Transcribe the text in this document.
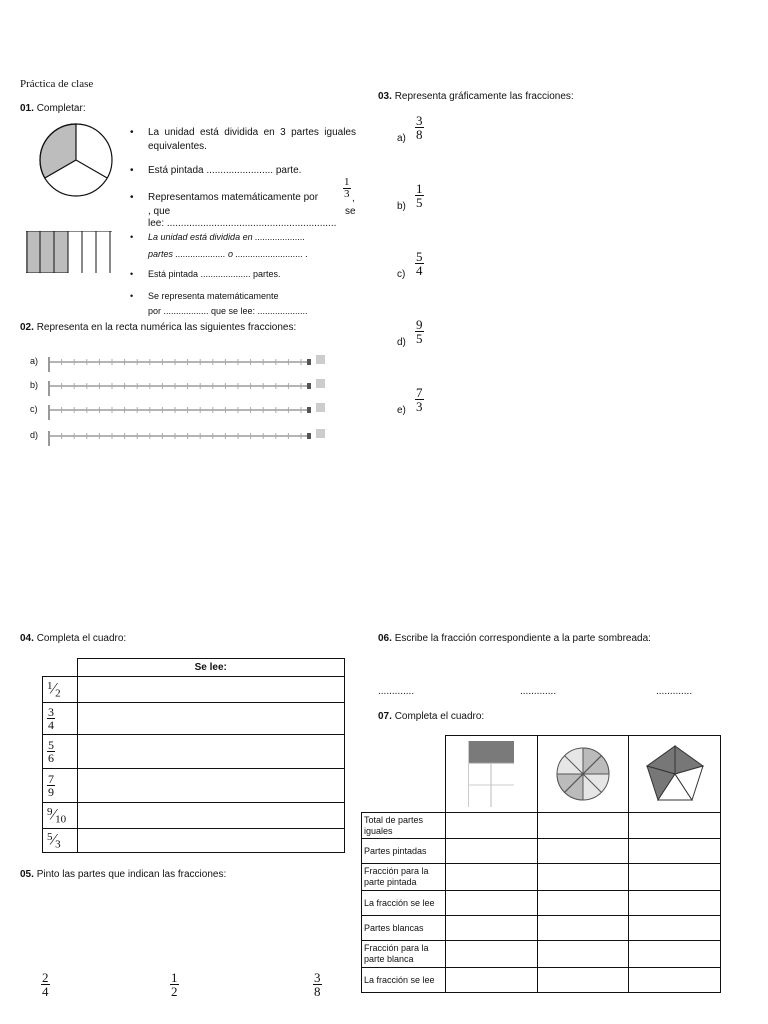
Práctica de clase
01. Completar:
• La unidad está dividida en 3 partes iguales equivalentes.
• Está pintada ........................ parte.
• Representamos matemáticamente por	$\frac{1}{3}$ ,
, que	se
lee: .............................................................
• La unidad está dividida en ....................
partes .................... o ........................... .
• Está pintada .................... partes.
• Se representa matemáticamente
por .................. que se lee: ....................
02. Representa en la recta numérica las siguientes fracciones:
03. Representa gráficamente las fracciones:
04. Completa el cuadro:
	Se lee:

$^1⁄_2$

$\frac{3}{4}$

$\frac{5}{6}$

$\frac{7}{9}$

$^9⁄_{10}$

$^5⁄_3$

05. Pinto las partes que indican las fracciones:
06. Escribe la fracción correspondiente a la parte sombreada:
.............	.............	.............
07. Completa el cuadro:

Total de partes iguales			
Partes pintadas			
Fracción para la parte pintada			
La fracción se lee			
Partes blancas			
Fracción para la parte blanca			
La fracción se lee			
a)
b)
c)
d)
$a) \frac{3}{8}$
$b) \frac{1}{5}$
$c) \frac{5}{4}$
$d) \frac{9}{5}$
$e) \frac{7}{3}$
$\frac{2}{4}$	$\frac{1}{2}$	$\frac{3}{8}$
